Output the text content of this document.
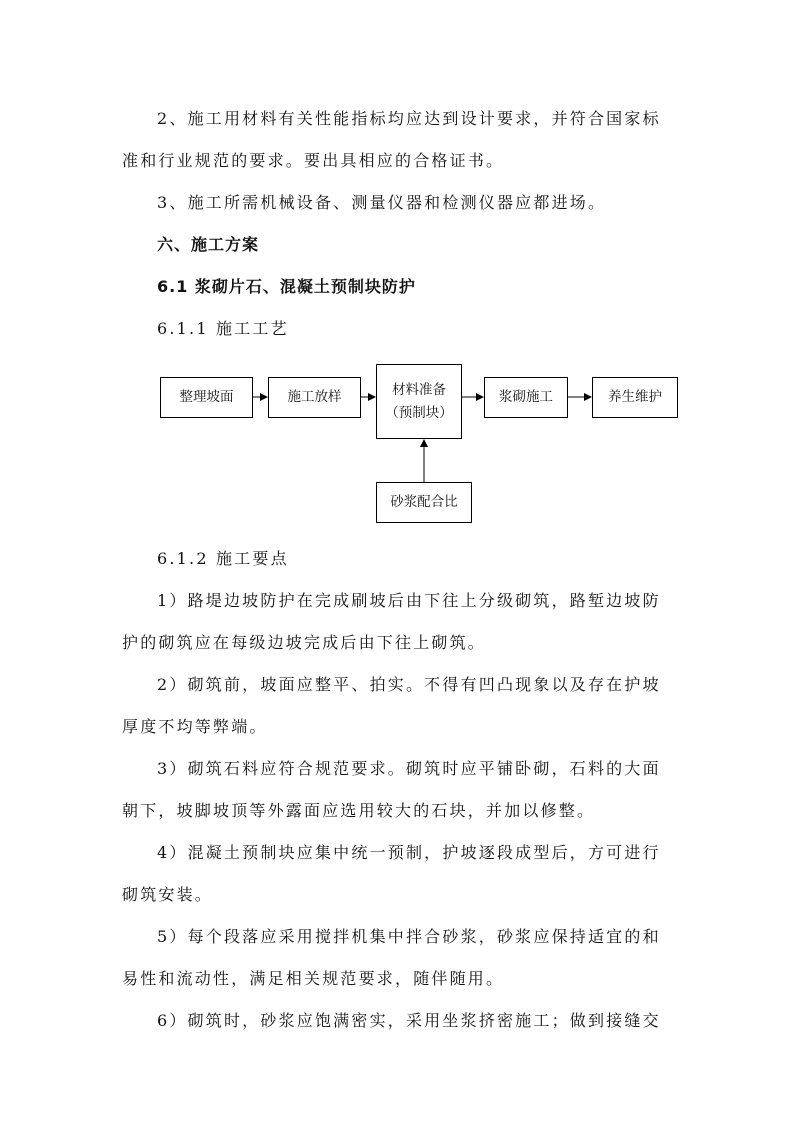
2、施工用材料有关性能指标均应达到设计要求，并符合国家标
准和行业规范的要求。要出具相应的合格证书。
3、施工所需机械设备、测量仪器和检测仪器应都进场。
六、施工方案
6.1 浆砌片石、混凝土预制块防护
6.1.1 施工工艺
整理坡面	施工放样	材料准备
（预制块）
浆砌施工	养生维护
砂浆配合比
6.1.2 施工要点
1）路堤边坡防护在完成刷坡后由下往上分级砌筑，路堑边坡防
护的砌筑应在每级边坡完成后由下往上砌筑。
2）砌筑前，坡面应整平、拍实。不得有凹凸现象以及存在护坡
厚度不均等弊端。
3）砌筑石料应符合规范要求。砌筑时应平铺卧砌，石料的大面
朝下，坡脚坡顶等外露面应选用较大的石块，并加以修整。
4）混凝土预制块应集中统一预制，护坡逐段成型后，方可进行
砌筑安装。
5）每个段落应采用搅拌机集中拌合砂浆，砂浆应保持适宜的和
易性和流动性，满足相关规范要求，随伴随用。
6）砌筑时，砂浆应饱满密实，采用坐浆挤密施工；做到接缝交
